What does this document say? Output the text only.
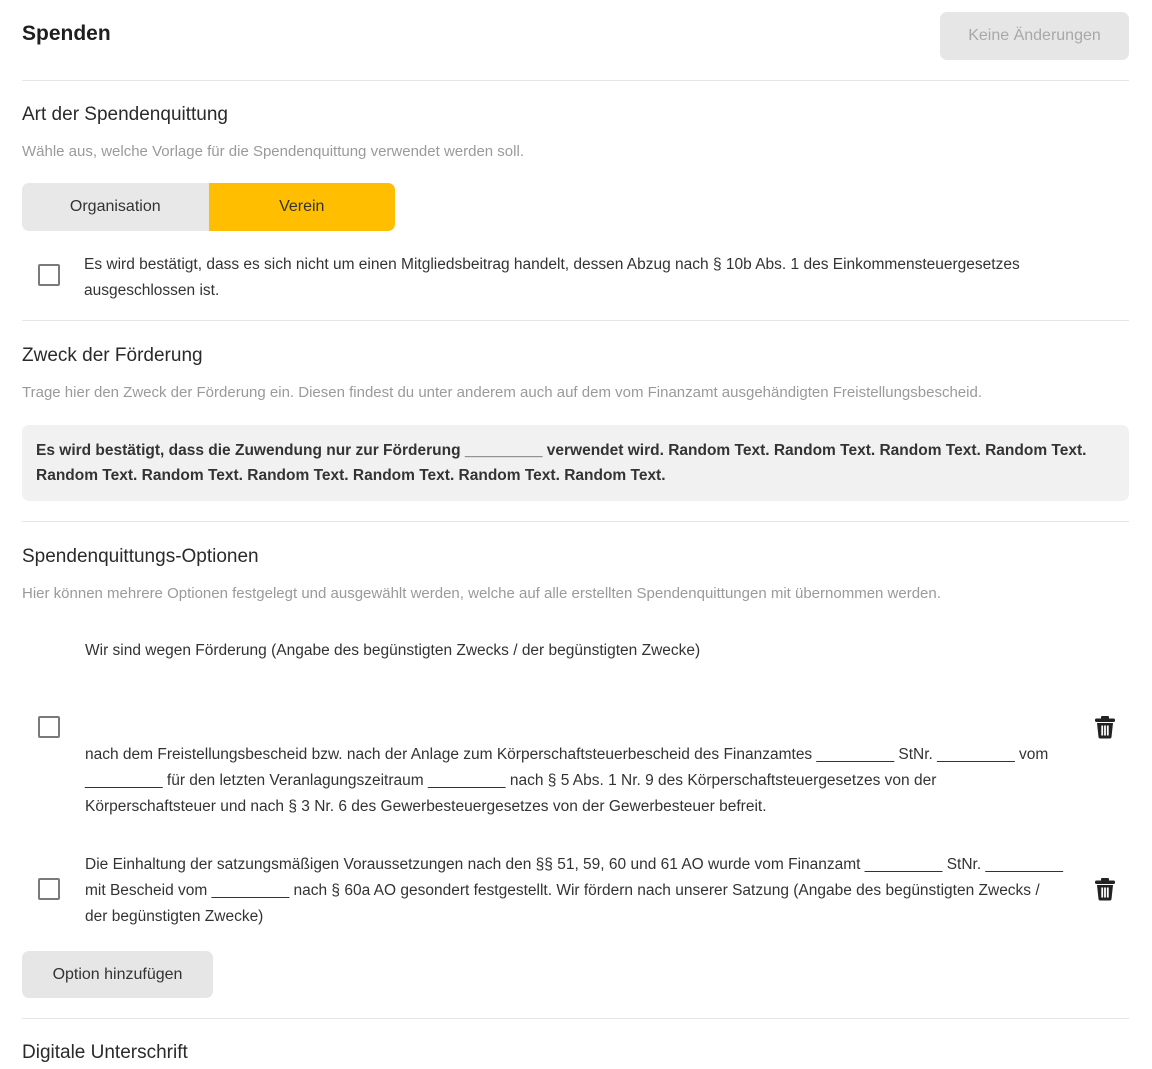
Spenden	Keine Änderungen
Art der Spendenquittung
Wähle aus, welche Vorlage für die Spendenquittung verwendet werden soll.
Organisation	Verein
Es wird bestätigt, dass es sich nicht um einen Mitgliedsbeitrag handelt, dessen Abzug nach § 10b Abs. 1 des Einkommensteuergesetzes ausgeschlossen ist.
Zweck der Förderung
Trage hier den Zweck der Förderung ein. Diesen findest du unter anderem auch auf dem vom Finanzamt ausgehändigten Freistellungsbescheid.
Es wird bestätigt, dass die Zuwendung nur zur Förderung _________ verwendet wird. Random Text. Random Text. Random Text. Random Text. Random Text. Random Text. Random Text. Random Text. Random Text. Random Text.
Spendenquittungs-Optionen
Hier können mehrere Optionen festgelegt und ausgewählt werden, welche auf alle erstellten Spendenquittungen mit übernommen werden.
Wir sind wegen Förderung (Angabe des begünstigten Zwecks / der begünstigten Zwecke)
nach dem Freistellungsbescheid bzw. nach der Anlage zum Körperschaftsteuerbescheid des Finanzamtes _________ StNr. _________ vom _________ für den letzten Veranlagungszeitraum _________ nach § 5 Abs. 1 Nr. 9 des Körperschaftsteuergesetzes von der Körperschaftsteuer und nach § 3 Nr. 6 des Gewerbesteuergesetzes von der Gewerbesteuer befreit.
Die Einhaltung der satzungsmäßigen Voraussetzungen nach den §§ 51, 59, 60 und 61 AO wurde vom Finanzamt _________ StNr. _________ mit Bescheid vom _________ nach § 60a AO gesondert festgestellt. Wir fördern nach unserer Satzung (Angabe des begünstigten Zwecks / der begünstigten Zwecke)
Option hinzufügen
Digitale Unterschrift
